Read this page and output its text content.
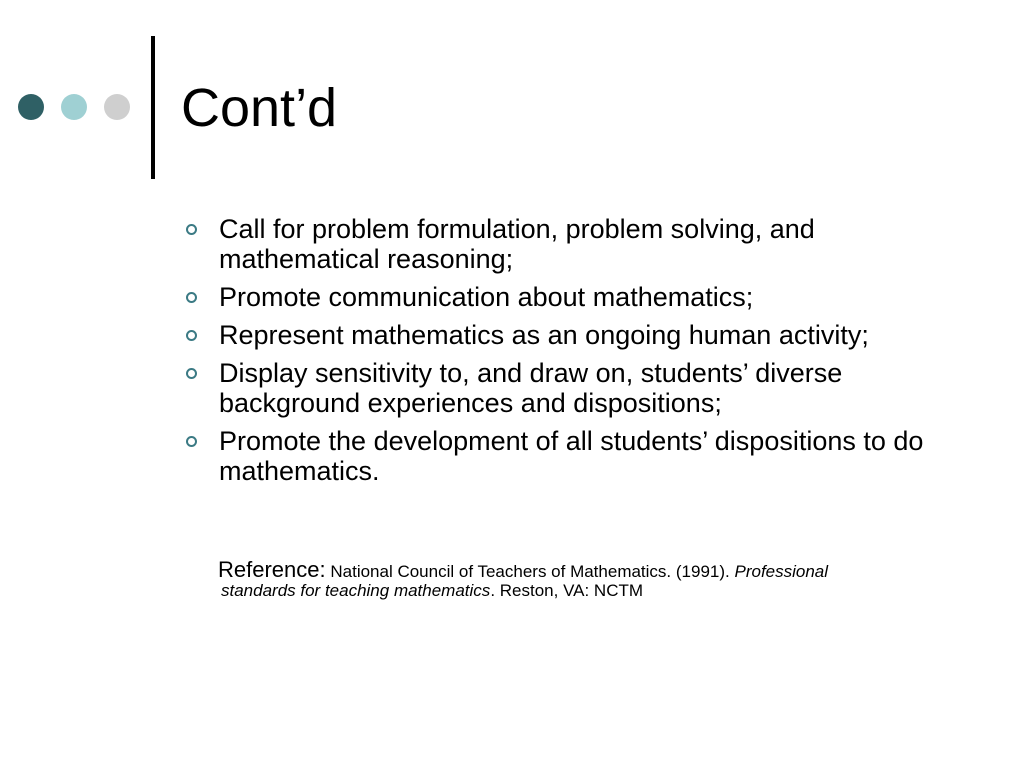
Cont’d
Call for problem formulation, problem solving, and mathematical reasoning;
Promote communication about mathematics;
Represent mathematics as an ongoing human activity;
Display sensitivity to, and draw on, students’ diverse background experiences and dispositions;
Promote the development of all students’ dispositions to do mathematics.
Reference: National Council of Teachers of Mathematics. (1991). Professional
standards for teaching mathematics. Reston, VA: NCTM
